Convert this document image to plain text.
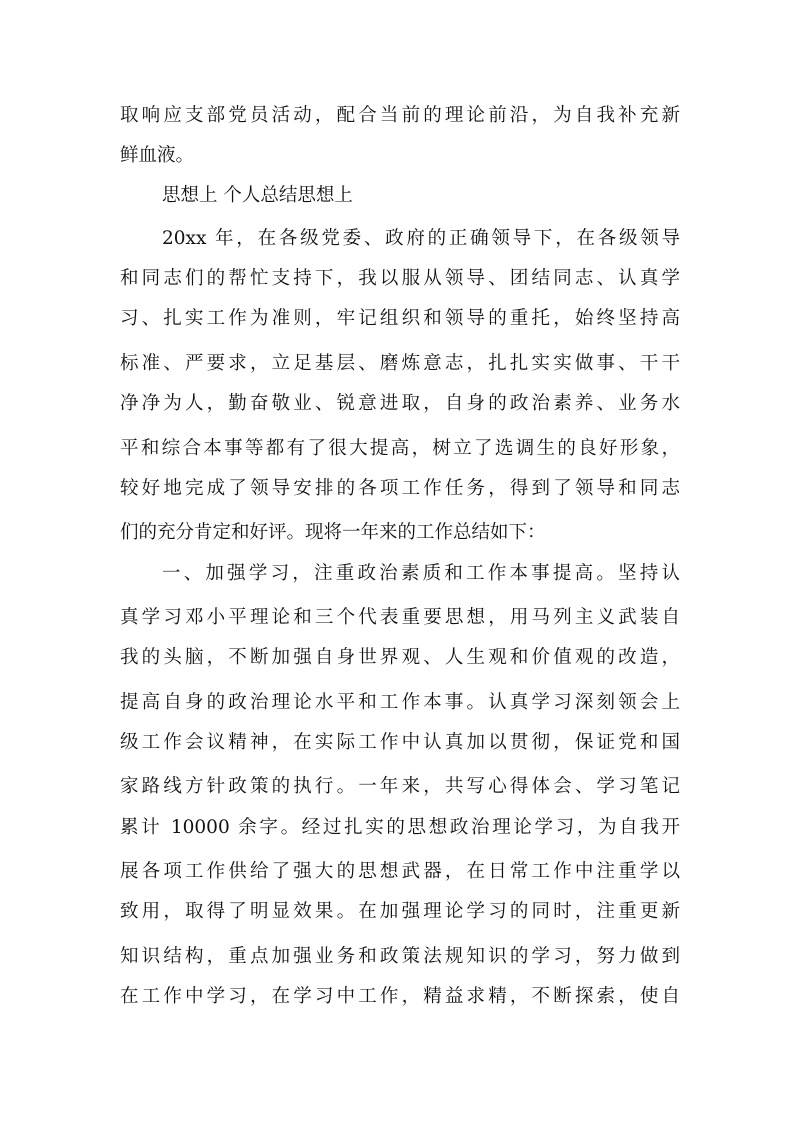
取响应支部党员活动，配合当前的理论前沿，为自我补充新
鲜血液。
思想上 个人总结思想上
20xx 年，在各级党委、政府的正确领导下，在各级领导
和同志们的帮忙支持下，我以服从领导、团结同志、认真学
习、扎实工作为准则，牢记组织和领导的重托，始终坚持高
标准、严要求，立足基层、磨炼意志，扎扎实实做事、干干
净净为人，勤奋敬业、锐意进取，自身的政治素养、业务水
平和综合本事等都有了很大提高，树立了选调生的良好形象，
较好地完成了领导安排的各项工作任务，得到了领导和同志
们的充分肯定和好评。现将一年来的工作总结如下：
一、加强学习，注重政治素质和工作本事提高。坚持认
真学习邓小平理论和三个代表重要思想，用马列主义武装自
我的头脑，不断加强自身世界观、人生观和价值观的改造，
提高自身的政治理论水平和工作本事。认真学习深刻领会上
级工作会议精神，在实际工作中认真加以贯彻，保证党和国
家路线方针政策的执行。一年来，共写心得体会、学习笔记
累计 10000 余字。经过扎实的思想政治理论学习，为自我开
展各项工作供给了强大的思想武器，在日常工作中注重学以
致用，取得了明显效果。在加强理论学习的同时，注重更新
知识结构，重点加强业务和政策法规知识的学习，努力做到
在工作中学习，在学习中工作，精益求精，不断探索，使自
